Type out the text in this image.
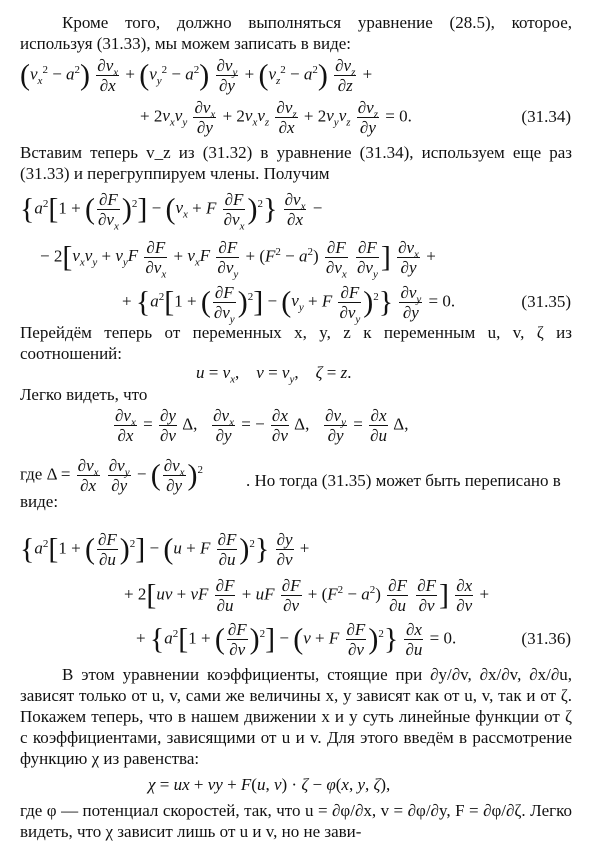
Кроме того, должно выполняться уравнение (28.5), которое, используя (31.33), мы можем записать в виде:
$(v_x^2 - a^2) \frac{\partial v_x}{\partial x} + (v_y^2 - a^2) \frac{\partial v_y}{\partial y} + (v_z^2 - a^2) \frac{\partial v_z}{\partial z}$ +
+ $2v_xv_y \frac{\partial v_x}{\partial y} + 2v_xv_z \frac{\partial v_z}{\partial x} + 2v_yv_z \frac{\partial v_z}{\partial y} = 0$.	(31.34)
Вставим теперь v_z из (31.32) в уравнение (31.34), используем еще раз (31.33) и перегруппируем члены. Получим
{$a^2[1$ + ( $\frac{\partial F}{\partial v_x} )^2] - (v_x + F \frac{\partial F}{\partial v_x} )^2\} \frac{\partial v_x}{\partial x}$ −
− $2[v_xv_y + v_yF \frac{\partial F}{\partial v_x} + v_xF \frac{\partial F}{\partial v_y} + (F^2 - a^2) \frac{\partial F}{\partial v_x}$
$\frac{\partial F}{\partial v_y}$ ] $\frac{\partial v_x}{\partial y}$ +
+ {$a^2[1$ + ( $\frac{\partial F}{\partial v_y} )^2] - (v_y + F \frac{\partial F}{\partial v_y} )^2\} \frac{\partial v_y}{\partial y} = 0$.	(31.35)
Перейдём теперь от переменных x, y, z к переменным u, v, ζ из соотношений:
$u = v_x$,    $v = v_y$,    ζ = z.
Легко видеть, что
$\frac{\partial v_x}{\partial x} = \frac{\partial y}{\partial v} \Delta$, $\frac{\partial v_x}{\partial y}$ = − $\frac{\partial x}{\partial v} \Delta$, $\frac{\partial v_y}{\partial y} = \frac{\partial x}{\partial u} \Delta$,
где $\Delta = \frac{\partial v_x}{\partial x}$
$\frac{\partial v_y}{\partial y}$ − ( $\frac{\partial v_x}{\partial y} )^2$
. Но тогда (31.35) может быть переписано в виде:
{$a^2[1$ + ( $\frac{\partial F}{\partial u} )^2] - (u + F \frac{\partial F}{\partial u} )^2\} \frac{\partial y}{\partial v}$ +
+ 2[uv + vF $\frac{\partial F}{\partial u}$ + uF $\frac{\partial F}{\partial v} + (F^2 - a^2) \frac{\partial F}{\partial u}$
$\frac{\partial F}{\partial v}$ ] $\frac{\partial x}{\partial v}$ +
+ {$a^2[1$ + ( $\frac{\partial F}{\partial v} )^2] - (v + F \frac{\partial F}{\partial v} )^2\} \frac{\partial x}{\partial u} = 0$.	(31.36)
В этом уравнении коэффициенты, стоящие при ∂y/∂v, ∂x/∂v, ∂x/∂u, зависят только от u, v, сами же величины x, y зависят как от u, v, так и от ζ. Покажем теперь, что в нашем движении x и y суть линейные функции от ζ с коэффициентами, зависящими от u и v. Для этого введём в рассмотрение функцию χ из равенства:
χ = ux + vy + F(u, v) · ζ − φ(x, y, ζ),
где φ — потенциал скоростей, так, что u = ∂φ/∂x, v = ∂φ/∂y, F = ∂φ/∂ζ. Легко видеть, что χ зависит лишь от u и v, но не зави-
